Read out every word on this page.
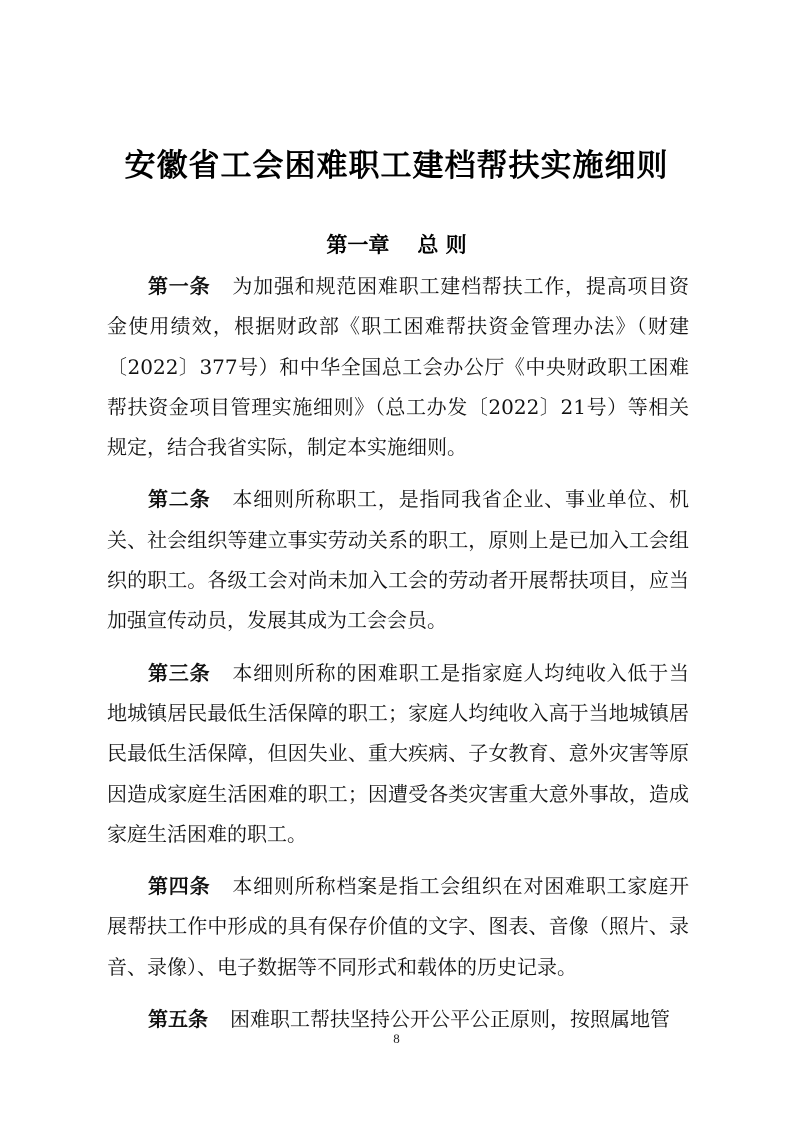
安徽省工会困难职工建档帮扶实施细则
第一章 总 则

第一条 为加强和规范困难职工建档帮扶工作，提高项目资金使用绩效，根据财政部《职工困难帮扶资金管理办法》（财建〔2022〕377号）和中华全国总工会办公厅《中央财政职工困难帮扶资金项目管理实施细则》（总工办发〔2022〕21号）等相关规定，结合我省实际，制定本实施细则。

第二条 本细则所称职工，是指同我省企业、事业单位、机关、社会组织等建立事实劳动关系的职工，原则上是已加入工会组织的职工。各级工会对尚未加入工会的劳动者开展帮扶项目，应当加强宣传动员，发展其成为工会会员。

第三条 本细则所称的困难职工是指家庭人均纯收入低于当地城镇居民最低生活保障的职工；家庭人均纯收入高于当地城镇居民最低生活保障，但因失业、重大疾病、子女教育、意外灾害等原因造成家庭生活困难的职工；因遭受各类灾害重大意外事故，造成家庭生活困难的职工。

第四条 本细则所称档案是指工会组织在对困难职工家庭开展帮扶工作中形成的具有保存价值的文字、图表、音像（照片、录音、录像）、电子数据等不同形式和载体的历史记录。

第五条 困难职工帮扶坚持公开公平公正原则，按照属地管

8
